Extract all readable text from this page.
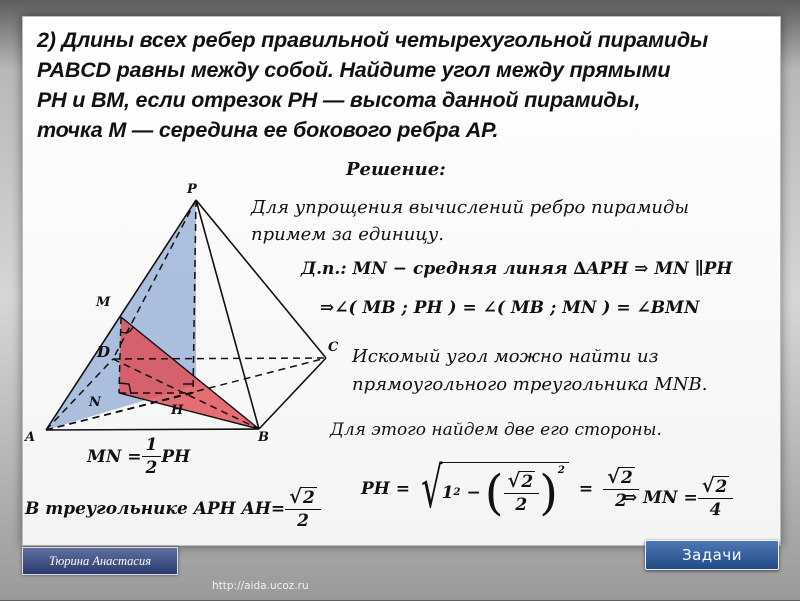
2) Длины всех ребер правильной четырехугольной пирамиды
PABCD равны между собой. Найдите угол между прямыми
PH и BM, если отрезок PH — высота данной пирамиды,
точка M — середина ее бокового ребра AP.
Решение:
P
M
D	C
N
H
A	B
Для упрощения вычислений ребро пирамиды
примем за единицу.
Д.п.: MN − средняя линяя ∆APH ⇒ MN ∥PH
⇒∠( MB ; PH ) = ∠( MB ; MN ) = ∠BMN
Искомый угол можно найти из
прямоугольного треугольника MNB.
Для этого найдем две его стороны.
MN = $\frac{1}{2}$ PH
В треугольнике APH $AH= \frac{√ 2}{2}$ PH = √ 1 2 − ( $\frac{√ 2}{2} )^2$
= $\frac{√ 2}{2}$
⇒ MN = $\frac{√ 2}{4}$
Тюрина Анастасия	Задачи
http://aida.ucoz.ru
